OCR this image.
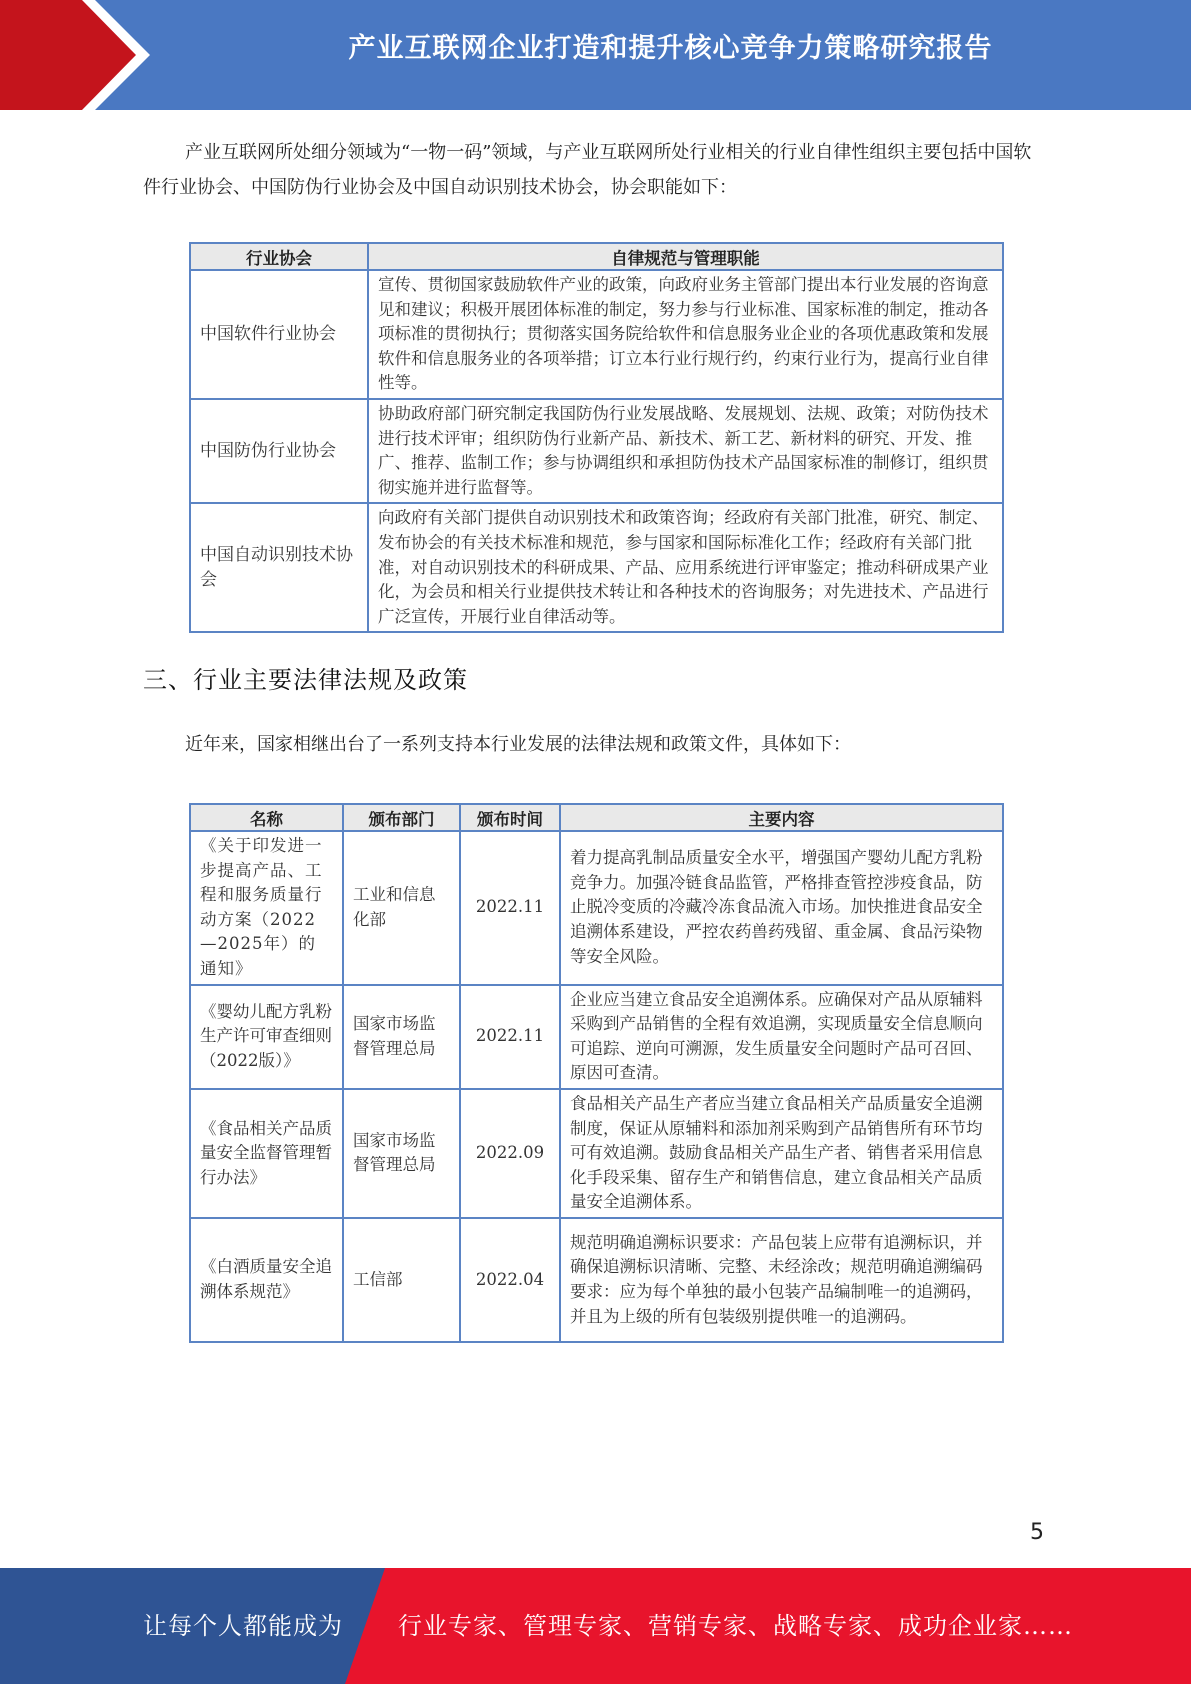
产业互联网企业打造和提升核心竞争力策略研究报告
产业互联网所处细分领域为“一物一码”领域，与产业互联网所处行业相关的行业自律性组织主要包括中国软件行业协会、中国防伪行业协会及中国自动识别技术协会，协会职能如下：
行业协会	自律规范与管理职能
中国软件行业协会	宣传、贯彻国家鼓励软件产业的政策，向政府业务主管部门提出本行业发展的咨询意见和建议；积极开展团体标准的制定，努力参与行业标准、国家标准的制定，推动各项标准的贯彻执行；贯彻落实国务院给软件和信息服务业企业的各项优惠政策和发展软件和信息服务业的各项举措；订立本行业行规行约，约束行业行为，提高行业自律性等。
中国防伪行业协会	协助政府部门研究制定我国防伪行业发展战略、发展规划、法规、政策；对防伪技术进行技术评审；组织防伪行业新产品、新技术、新工艺、新材料的研究、开发、推广、推荐、监制工作；参与协调组织和承担防伪技术产品国家标准的制修订，组织贯彻实施并进行监督等。
中国自动识别技术协会	向政府有关部门提供自动识别技术和政策咨询；经政府有关部门批准，研究、制定、发布协会的有关技术标准和规范，参与国家和国际标准化工作；经政府有关部门批准，对自动识别技术的科研成果、产品、应用系统进行评审鉴定；推动科研成果产业化，为会员和相关行业提供技术转让和各种技术的咨询服务；对先进技术、产品进行广泛宣传，开展行业自律活动等。
三、行业主要法律法规及政策
近年来，国家相继出台了一系列支持本行业发展的法律法规和政策文件，具体如下：
名称	颁布部门	颁布时间	主要内容
《关于印发进一步提高产品、工程和服务质量行动方案（2022—2025年）的通知》	工业和信息化部	2022.11	着力提高乳制品质量安全水平，增强国产婴幼儿配方乳粉竞争力。加强冷链食品监管，严格排查管控涉疫食品，防止脱冷变质的冷藏冷冻食品流入市场。加快推进食品安全追溯体系建设，严控农药兽药残留、重金属、食品污染物等安全风险。
《婴幼儿配方乳粉生产许可审查细则（2022版）》	国家市场监督管理总局	2022.11	企业应当建立食品安全追溯体系。应确保对产品从原辅料采购到产品销售的全程有效追溯，实现质量安全信息顺向可追踪、逆向可溯源，发生质量安全问题时产品可召回、原因可查清。
《食品相关产品质量安全监督管理暂行办法》	国家市场监督管理总局	2022.09	食品相关产品生产者应当建立食品相关产品质量安全追溯制度，保证从原辅料和添加剂采购到产品销售所有环节均可有效追溯。鼓励食品相关产品生产者、销售者采用信息化手段采集、留存生产和销售信息，建立食品相关产品质量安全追溯体系。
《白酒质量安全追溯体系规范》	工信部	2022.04	规范明确追溯标识要求：产品包装上应带有追溯标识，并确保追溯标识清晰、完整、未经涂改；规范明确追溯编码要求：应为每个单独的最小包装产品编制唯一的追溯码，并且为上级的所有包装级别提供唯一的追溯码。
5
让每个人都能成为 行业专家、管理专家、营销专家、战略专家、成功企业家……
